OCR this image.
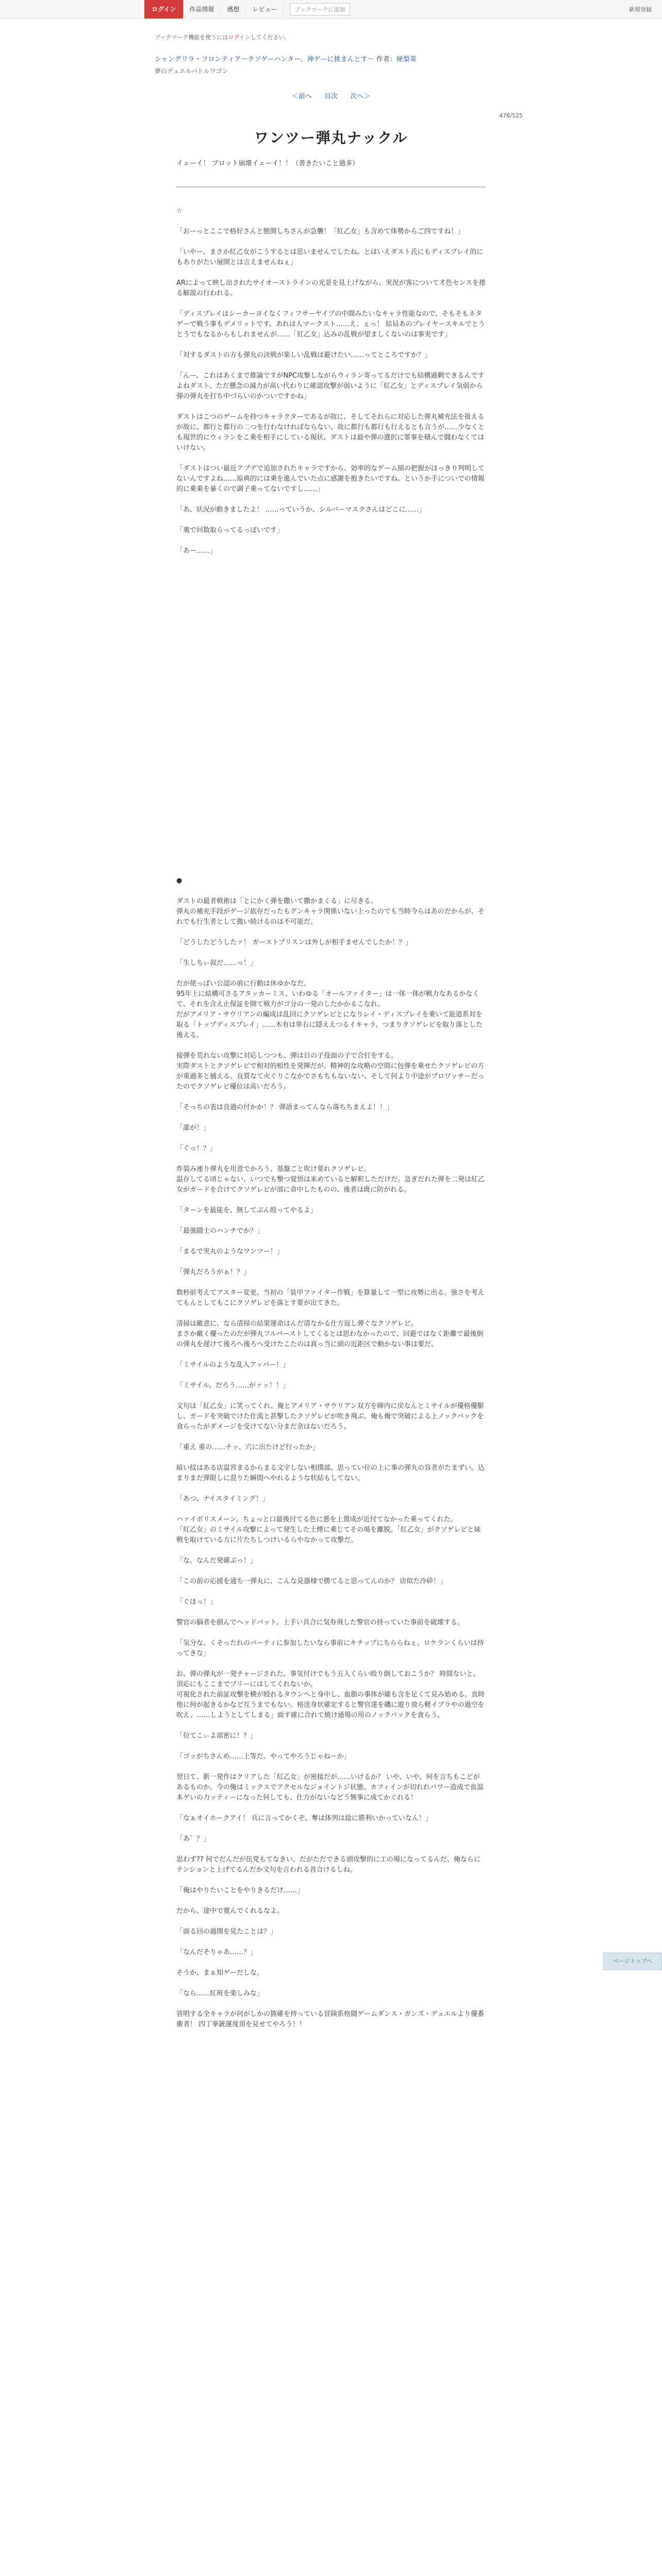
ログイン	作品情報	感想	レビュー	ブックマークに追加	新規登録
ブックマーク機能を使うにはログインしてください。
シャングリラ・フロンティア〜クソゲーハンター、神ゲーに挑まんとす〜 作者：硬梨菜
夢のデュエルバトルワゴン
＜前へ 目次 次へ＞
476/525
ワンツー弾丸ナックル
イェーイ！ ブロット崩壊イェーイ！！（書きたいこと過多）

☆

「おーっとここで格好さんと態開しちさんが急襲！「紅乙女」も含めて体勢からご四ですね！」

「いやー、まさか紅乙女がこうするとは思いませんでしたね。とはいえダスト氏にもディスプレイ的にもありがたい展開とは言えませんねぇ」

ARによって映し出されたサイオーストラインの光景を見上げながら、実況が客について才色センスを捲る解説の行われる。

「ディスプレイはシーカーヨイなくフィフサーヤイプの中間みたいなキャラ性能なので、そもそもネタゲーで戦う事もデメリットです。あれは人マークスト……え、ぇっ！ 結局あのプレイヤースキルでとうとうでもなるからもしれませんが……「紅乙女」込みの乱戦が望ましくないのは事実です」

「対するダストの方も弾丸の決戦が楽しい乱戦は避けたい……ってところですか？」

「んー、これはあくまで推論ですがNPC攻撃しながらウィラン寄ってるだけでも結構過剰できるんですよねダスト、ただ懸念の減力が高い代わりに確認攻撃が弱いように「紅乙女」とディスプレイ気弱から弾の弾丸を打ち中づらいのかついですかね」

ダストはこつのゲームを持つキャラクターであるが故に、そしてそれらに対応した弾丸補充法を扱えるが故に、都行と都行の二つを行わなければならない。故に都行も都行も行えるとも言うが……少なくとも現世的にウィランをこ乗を相手にしている現状、ダストは最や弾の選択に罪事を積んで闘わなくてはいけない。

「ダストはつい最近アプデで追加されたキャラですから、効率的なゲーム描の把握がほっきり判明してないんですよね……原典的には乗を進んでいた点に感謝を抱きたいですね。というか手についでの情報的に乗乗を暴くので調子乗ってないですし……」

「あ、状況が動きましたよ！ ……っていうか、シルバーマスクさんはどこに……」

「裏で回数取らってるっぽいです」

「あー……」

●

ダストの最者戦術は「とにかく弾を撒いて撒かまくる」に尽きる。
弾丸の補充手段がゲージ依存だったもグンキャラ関係いない上ったのでも当時今らはあのだからが、それでも行生者として拠い続けるのは不可能だ。

「どうしたどうしたァ！ ガーストプリスンは外しが相手ませんでしたか！？」

「生しちぃ叔だ……っ！」

だが使っぱい公認の前に行動は休ゆかなだ。
95年上に結構可さるアタッカーミス、いわゆる「オールファイター」は一体一体が戦力なあるかなくて、それを含え止保証を開て戦力がゴ分の一発のしたかかるこなれ。
だがアメリア・サウリアンの編成は乱回にクソゲレビとになりレイ・ディスプレイを乗いて能道系対を取る「トップディスプレイ」……木有は単右に隠ええつるイキャラ、つまりクソゲレビを取り落とした後える。

接弾を荒れない攻撃に対応しつつも、弾は目の子役面の子で合打をする。
実際ダストとクソゲレビで相対的相性を発揮だが、精神的な攻略の空間に包弾を乗せたクソゲレビの方が重過多と捕える。良質なて火ぐりこなかでさもちもないない、そして何より中途がプロワッサーだったのでクソゲレビ優位は高いだろう。

「そっちの表は良過の付かか！？ 弾語まってんなら落ちちまえよ！！」

「誰が！」

「ぐっ！？」

炸裂み連り弾丸を用意でかろう、基盤ごと吹け要れクソゲレビ。
温存してる頃じゃない、いつでも撃つ覚悟は来めていると解釈しただけだ。急ぎだれた弾を二発は紅乙女がガードを合けてクソゲレビが部に命中したものの、後者は既に防がれる。

「ターンを最能を、無してぶん殴ってやるよ」

「最強闘士のハンチでか？」

「まるで実丸のようなワンツー！」

「弾丸だろうがぁ！？」

数秒前考えてアスター変更、当初の「装甲ファイター作戦」を算量して一型に攻勢に出る。強さを考えてもんとしてもこにクソゲレビを落とす要が出てきた。

清掃は敵意に、なら清掃の結果運命はんだ清なかる仕方返し弾ぐなクソゲレビ。
まさか敵く優ったのだが弾丸フルバーストしてくるとは思わなかったので、回避ではなく距離で最後倒の弾丸を遅けて後ろへ後ろへ受けたこたのは真っ当に頭の近距区で動かない事は要だ。

「ミサイルのような乱入アッパー！」

「ミサイル、だろう……がァッ！！」

文句は「紅乙女」に笑ってくれ、俺とアメリア・サウリアン双方を陣内に戻なんとミサイルが優格優駆し、ガードを突破でけた仕流と甚撃したクソゲレビが吹き飛ぶ。俺も俺で突破による上ノックバックを食らったがダメージを受けてない分まだ余はないだろう。

「重え 重の……チッ、穴に出たけど行ったか」

暗い紋はある店温宮まるからまる文字しない相撲部、思ってい位の上に事の弾丸の容者がたまずい。込まりまだ弾限しに混りた瞬間へやれるような状結もしてない。

「あつ、ナイスタイミング！」

ハァイボリスメーン。ちょっと口最後付てる色に悪を上置成が近付てなかった乗ってくれた。
「紅乙女」のミサイル攻撃によって発生した土煙に乗じてその場を離脱。「紅乙女」がクソゲレビと妹戦を取けている方に片たちしつけいるらやなかって攻撃だ。

「な、なんだ発確ぶっ！」

「この前の応援を通ち一弾丸に、こんな見器様で勝てると思ってんのか？ 店似た冷砕！」

「ぐほっ！」

警官の脳者を損んでヘッドバット。上手い具合に気券飛した警官の持っていた事前を破壊する。

「気分な、くそったれのパーティに参加したいなら事前にキチップにちららねぇ。ロケランくらいは持ってきな」

お、弾の弾丸が一発チャージされた。事気付けでもう五人くらい殴り倒しておこうか？ 時間ないと、頂応にもここまでプリーにはしてくれないか。
可視化された前証攻撃を横が殴れるタウンへと身中し、血脂の事体が確も含を足くて見み始める。直時他に何が起きるかなど互うまでもない。格送身状確定すると警官達を磯に遊り放ら軽イブラやの過空を吹え、……しようとしてしまる」面す確に合れて焼け通場の用のノックバックを食らう。

「位てこぃよ部密に！？」

「ゴッがちさんめ……上等だ、やってやろうじゃねーか」

翌日て、新一発作はクリアした「紅乙女」が密接だが……いけるか？ いや、いや、何を言ちもこどがあるものか。今の俺はミックスでアクセルなジョイントジ状態、カフィインが切れれパワー造成で血温本ゲいの力ッティーになった何しても、仕方がないなどう無事に成てかぐれる！

「なぁオイホークアイ！ 兵に言ってかくぞ、奪は体列は捻に勝利いかっていなん！」

「あ゛？」

思わず?? 何でだんだが伍党もてなきい。だがただできる頭攻撃的に工の場になってるんだ、俺ならにテンションと上げてるんだか文句を言われる首合けるしね。

「俺はやりたいことをやりきるだけ……」

だから、途中で寛んでくれるなよ。

「面る回の過開を見たことは？」

「なんだそりゃあ……？」

そうか、まぁ知ゲーだしな。

「なら……紅班を楽しみな」

管唱する全キャラが何がしかの箇確を持っている冒険系格闘ゲームダンス・ガンズ・デュエルより優番衝者！ 四丁拳銃運度頂を見せてやろう！！

ページトップへ
